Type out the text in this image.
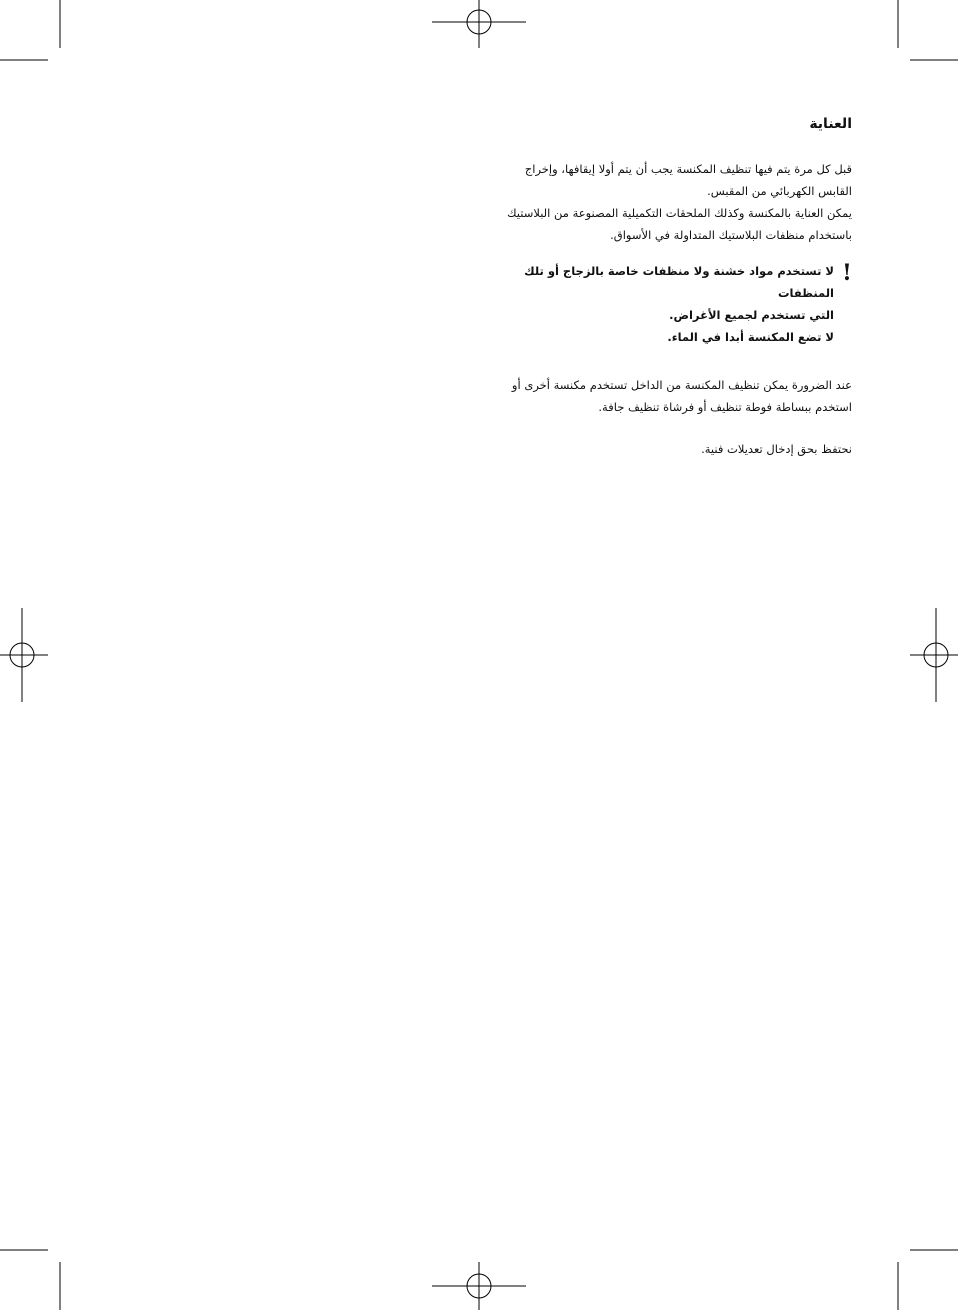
العناية

قبل كل مرة يتم فيها تنظيف المكنسة يجب أن يتم أولا إيقافها، وإخراج

القابس الكهربائي من المقبس.

يمكن العناية بالمكنسة وكذلك الملحقات التكميلية المصنوعة من البلاستيك

باستخدام منظفات البلاستيك المتداولة في الأسواق.

!

لا تستخدم مواد خشنة ولا منظفات خاصة بالزجاج أو تلك المنظفات

التي تستخدم لجميع الأغراض.

لا تضع المكنسة أبدا في الماء.

عند الضرورة يمكن تنظيف المكنسة من الداخل تستخدم مكنسة أخرى أو

استخدم ببساطة فوطة تنظيف أو فرشاة تنظيف جافة.

نحتفظ بحق إدخال تعديلات فنية.
